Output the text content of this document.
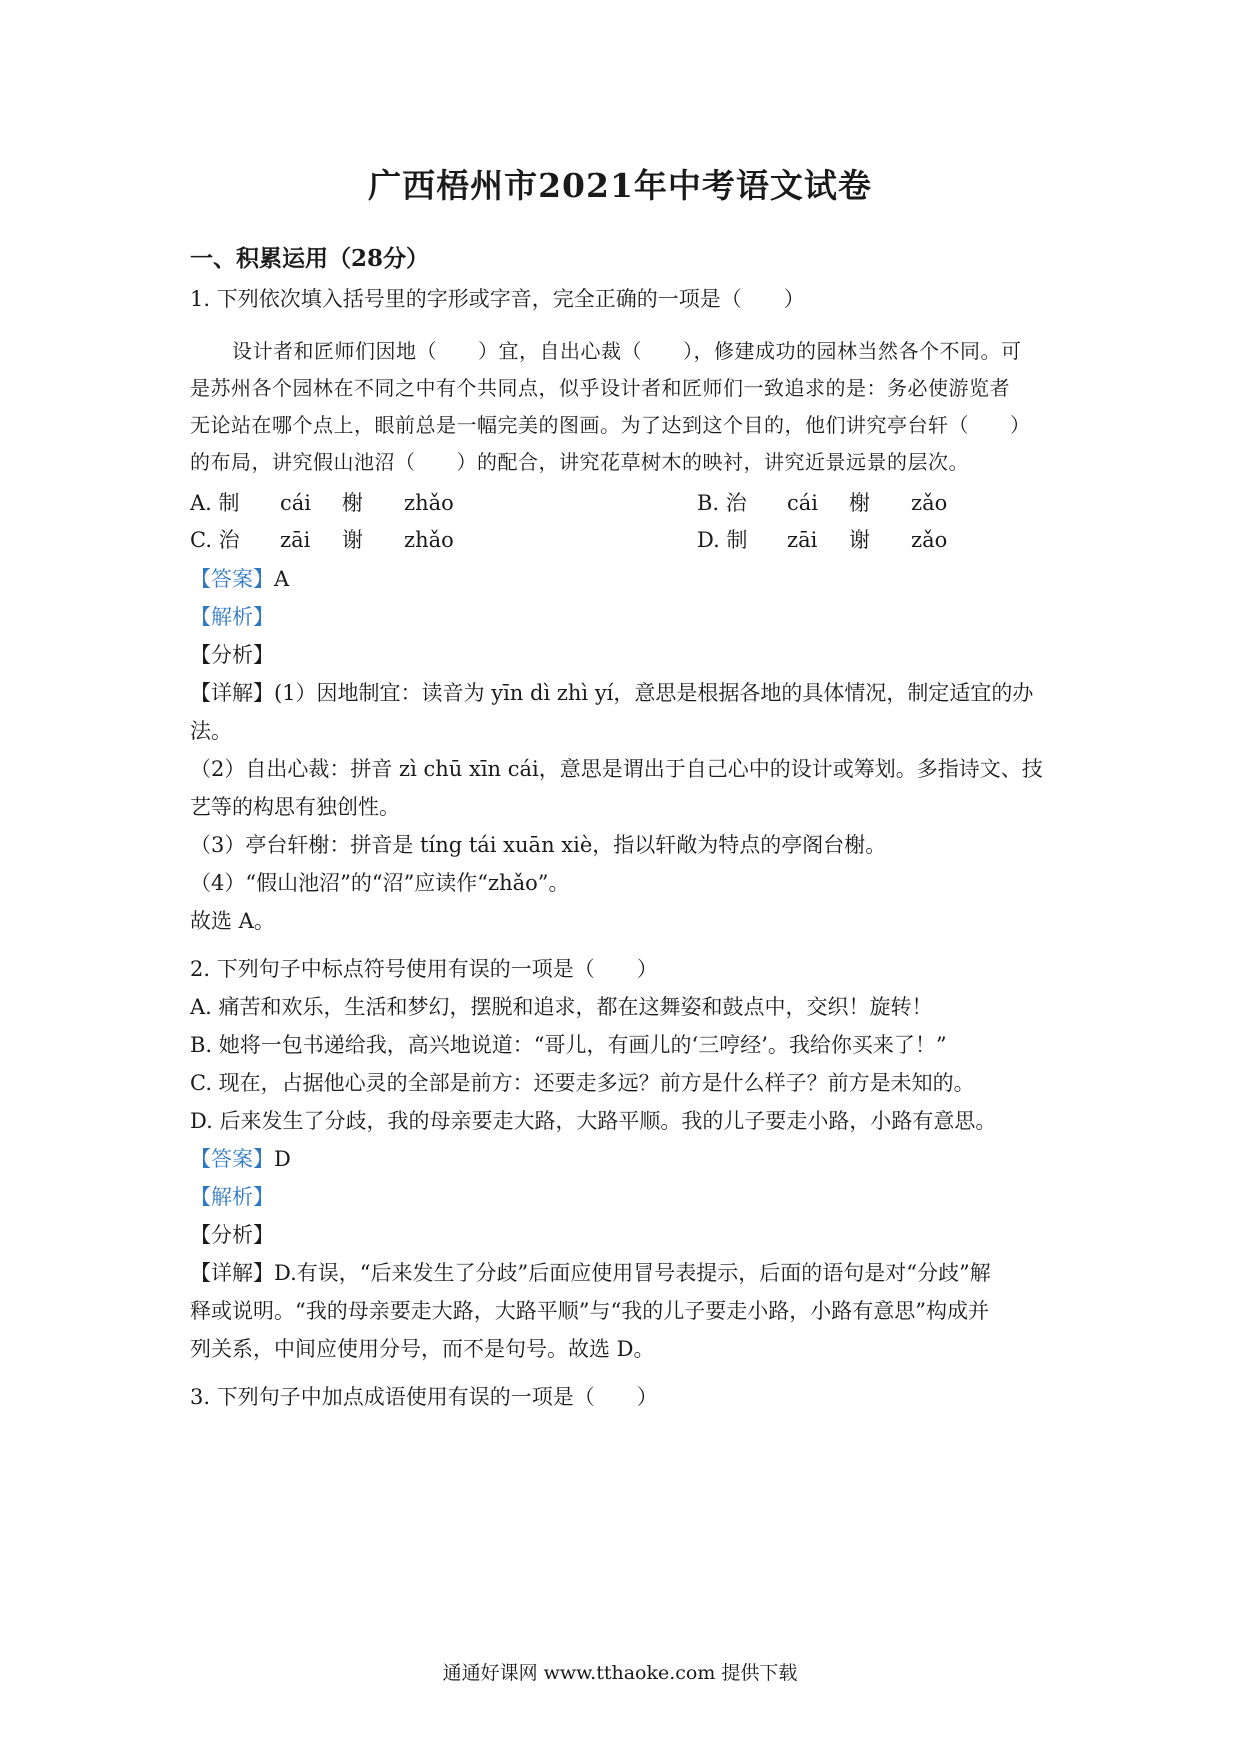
广西梧州市2021年中考语文试卷
一、积累运用（28分）
1. 下列依次填入括号里的字形或字音，完全正确的一项是（　　）
设计者和匠师们因地（　　）宜，自出心裁（　　），修建成功的园林当然各个不同。可
是苏州各个园林在不同之中有个共同点，似乎设计者和匠师们一致追求的是：务必使游览者
无论站在哪个点上，眼前总是一幅完美的图画。为了达到这个目的，他们讲究亭台轩（　　）
的布局，讲究假山池沼（　　）的配合，讲究花草树木的映衬，讲究近景远景的层次。
A. 制 cái 榭 zhǎo	B. 治 cái 榭 zǎo
C. 治 zāi 谢 zhǎo	D. 制 zāi 谢 zǎo
【答案】A
【解析】
【分析】
【详解】(1）因地制宜：读音为 yīn dì zhì yí，意思是根据各地的具体情况，制定适宜的办
法。
（2）自出心裁：拼音 zì chū xīn cái，意思是谓出于自己心中的设计或筹划。多指诗文、技
艺等的构思有独创性。
（3）亭台轩榭：拼音是 tíng tái xuān xiè，指以轩敞为特点的亭阁台榭。
（4）“假山池沼”的“沼”应读作“zhǎo”。
故选 A。
2. 下列句子中标点符号使用有误的一项是（　　）
A. 痛苦和欢乐，生活和梦幻，摆脱和追求，都在这舞姿和鼓点中，交织！旋转！
B. 她将一包书递给我，高兴地说道：“哥儿，有画儿的‘三哼经’。我给你买来了！”
C. 现在，占据他心灵的全部是前方：还要走多远？前方是什么样子？前方是未知的。
D. 后来发生了分歧，我的母亲要走大路，大路平顺。我的儿子要走小路，小路有意思。
【答案】D
【解析】
【分析】
【详解】D.有误，“后来发生了分歧”后面应使用冒号表提示，后面的语句是对“分歧”解
释或说明。“我的母亲要走大路，大路平顺”与“我的儿子要走小路，小路有意思”构成并
列关系，中间应使用分号，而不是句号。故选 D。
3. 下列句子中加点成语使用有误的一项是（　　）
通通好课网 www.tthaoke.com 提供下载
